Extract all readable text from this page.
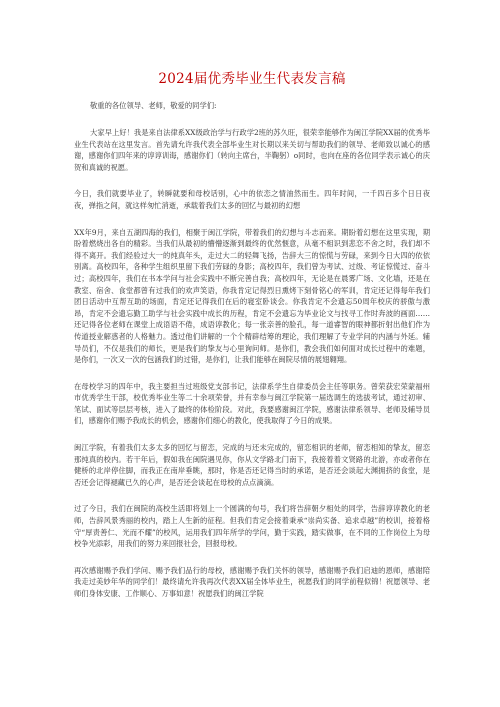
2024届优秀毕业生代表发言稿

敬重的各位领导、老师，敬爱的同学们:

大家早上好！我是来自法律系XX级政治学与行政学2班的苏久旺，很荣幸能够作为闽江学院XX届的优秀毕业生代表站在这里发言。首先请允许我代表全部毕业生对长期以来关切与帮助我们的领导、老师致以诚心的感谢，感谢你们四年来的谆谆训诲，感谢你们（转向主席台，半鞠躬）o同时，也向在座的各位同学表示诚心的庆贺和真诚的祝愿。

今日，我们就要毕业了，转瞬就要和母校话别，心中的依恋之情油然而生。四年时间，一千四百多个日日夜夜，弹指之间，就这样匆忙消逝，承载着我们太多的回忆与最初的幻想

XX年9月，来自五湖四海的我们，相聚于闽江学院，带着我们的幻想与斗志而来。期盼着幻想在这里实现，期盼着燃烧出各自的精彩。当我们从最初的懵懵逐渐到最终的优然惬意，从毫不相识到悲恋不舍之时，我们却不得不离开。我们经验过大一的纯真年头，走过大二的轻舞飞扬，告辞大三的惊慌与劳碌，来到今日大四的依依别离。高校四年，各种学生组织里留下我们劳碌的身影；高校四年，我们曾为考试、过级、考证惊慌过、奋斗过；高校四年，我们在书本学问与社会实践中不断完善自我；高校四年，无论是在晨雾广场、文化墙，还是在教室、宿舍、食堂都曾有过我们的欢声笑语，你我肯定记得烈日熏烤下刻骨铭心的军训，肯定还记得每年我们团日活动中互帮互助的场面，肯定还记得我们在后的寝室卧谈会。你我肯定不会遗忘50周年校庆的骄傲与激昂，肯定不会遗忘勤工助学与社会实践中成长的历程，肯定不会遗忘为毕业论文与找寻工作时奔波的画面……还记得各位老师在课堂上成语语不倦，成语谆教化；每一张亲善的脸孔，每一道睿智的眼神都折射出他们作为传道授业解惑者的人格魅力。透过他们讲解的一个个精辟结筹的理论，我们理解了专业学问的内涵与外延。辅导员们，不仅是我们的师长，更是我们的挚友与心里询问师。是你们，教会我们如何面对成长过程中的难题，是你们，一次又一次的包涵我们的过错，是你们，让我们能够在闽院尽情的展翅翱翔。

在母校学习的四年中，我主要担当过班级党支部书记，法律系学生自律委员会主任等职务。曾荣获宏荣蒙福州市优秀学生干部，校优秀毕业生等二十余项荣誉，并有幸参与闽江学院第一届选调生的选拔考试，通过初审、笔试、面试等层层考核，进入了最终的体检阶段。对此，我要感谢闽江学院，感谢法律系领导、老师及辅导员们，感谢你们赐予我成长的机会，感谢你们细心的教化，使我取得了今日的成果。

闽江学院，有着我们太多太多的回忆与留恋，完成的与还未完成的，留恋相识的老师，留恋相知的挚友，留恋那纯真的校内。若干年后，假如我在闽院遇见你，你从文学路北门南下，我接着着文贤路的北游，亦或者你在健桥的北岸停住脚，而我正在南岸垂眺，那时，你是否还记得当时的承诺，是否还会谈起大渊拥挤的食堂，是否还会记得褪藏已久的心声，是否还会谈起在母校的点点滴滴。

过了今日，我们在闽院的高校生活即将划上一个圆满的句号，我们将告辞朝夕相处的同学，告辞谆谆教化的老师，告辞风景秀丽的校内，踏上人生新的征程。但我们肯定会接着秉承“崇尚实备、追求卓越”的校训，接着格守“厚责善仁、光而不耀”的校风，运用我们四年所学的学问，勤于实践，踏实做事，在不同的工作岗位上为母校争光添彩，用我们的努力来回报社会，回报母校。

再次感谢赐予我们学问、赐予我们品行的母校，感谢赐予我们关怀的领导，感谢赐予我们启迪的恩师，感谢陪我走过美妙年华的同学们！最终请允许我再次代表XX届全体毕业生，祝愿我们的同学前程似锦！祝愿领导、老师们身体安康、工作顺心、万事如意！祝愿我们的闽江学院
